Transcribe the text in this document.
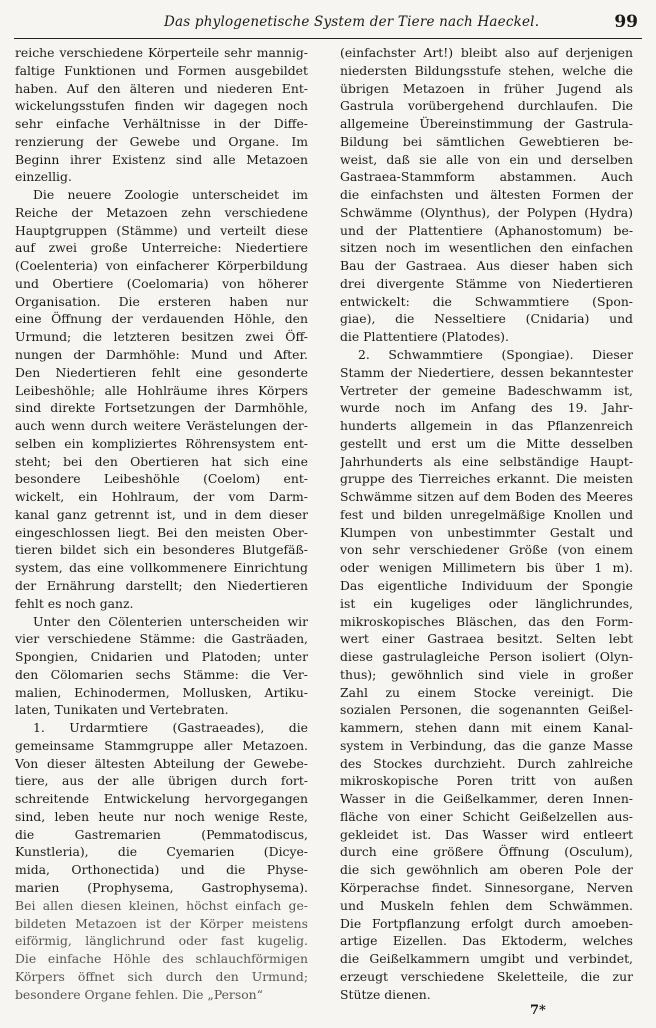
Das phylogenetische System der Tiere nach Haeckel.	99
reiche verschiedene Körperteile sehr mannig-
faltige Funktionen und Formen ausgebildet
haben. Auf den älteren und niederen Ent-
wickelungsstufen finden wir dagegen noch
sehr einfache Verhältnisse in der Diffe-
renzierung der Gewebe und Organe. Im
Beginn ihrer Existenz sind alle Metazoen
einzellig.
Die neuere Zoologie unterscheidet im
Reiche der Metazoen zehn verschiedene
Hauptgruppen (Stämme) und verteilt diese
auf zwei große Unterreiche: Niedertiere
(Coelenteria) von einfacherer Körperbildung
und Obertiere (Coelomaria) von höherer
Organisation. Die ersteren haben nur
eine Öffnung der verdauenden Höhle, den
Urmund; die letzteren besitzen zwei Öff-
nungen der Darmhöhle: Mund und After.
Den Niedertieren fehlt eine gesonderte
Leibeshöhle; alle Hohlräume ihres Körpers
sind direkte Fortsetzungen der Darmhöhle,
auch wenn durch weitere Verästelungen der-
selben ein kompliziertes Röhrensystem ent-
steht; bei den Obertieren hat sich eine
besondere Leibeshöhle (Coelom) ent-
wickelt, ein Hohlraum, der vom Darm-
kanal ganz getrennt ist, und in dem dieser
eingeschlossen liegt. Bei den meisten Ober-
tieren bildet sich ein besonderes Blutgefäß-
system, das eine vollkommenere Einrichtung
der Ernährung darstellt; den Niedertieren
fehlt es noch ganz.
Unter den Cölenterien unterscheiden wir
vier verschiedene Stämme: die Gasträaden,
Spongien, Cnidarien und Platoden; unter
den Cölomarien sechs Stämme: die Ver-
malien, Echinodermen, Mollusken, Artiku-
laten, Tunikaten und Vertebraten.
1. Urdarmtiere (Gastraeades), die
gemeinsame Stammgruppe aller Metazoen.
Von dieser ältesten Abteilung der Gewebe-
tiere, aus der alle übrigen durch fort-
schreitende Entwickelung hervorgegangen
sind, leben heute nur noch wenige Reste,
die Gastremarien (Pemmatodiscus,
Kunstleria), die Cyemarien (Dicye-
mida, Orthonectida) und die Physe-
marien (Prophysema, Gastrophysema).
Bei allen diesen kleinen, höchst einfach ge-
bildeten Metazoen ist der Körper meistens
eiförmig, länglichrund oder fast kugelig.
Die einfache Höhle des schlauchförmigen
Körpers öffnet sich durch den Urmund;
besondere Organe fehlen. Die „Person“
(einfachster Art!) bleibt also auf derjenigen
niedersten Bildungsstufe stehen, welche die
übrigen Metazoen in früher Jugend als
Gastrula vorübergehend durchlaufen. Die
allgemeine Übereinstimmung der Gastrula-
Bildung bei sämtlichen Gewebtieren be-
weist, daß sie alle von ein und derselben
Gastraea-Stammform abstammen. Auch
die einfachsten und ältesten Formen der
Schwämme (Olynthus), der Polypen (Hydra)
und der Plattentiere (Aphanostomum) be-
sitzen noch im wesentlichen den einfachen
Bau der Gastraea. Aus dieser haben sich
drei divergente Stämme von Niedertieren
entwickelt: die Schwammtiere (Spon-
giae), die Nesseltiere (Cnidaria) und
die Plattentiere (Platodes).
2. Schwammtiere (Spongiae). Dieser
Stamm der Niedertiere, dessen bekanntester
Vertreter der gemeine Badeschwamm ist,
wurde noch im Anfang des 19. Jahr-
hunderts allgemein in das Pflanzenreich
gestellt und erst um die Mitte desselben
Jahrhunderts als eine selbständige Haupt-
gruppe des Tierreiches erkannt. Die meisten
Schwämme sitzen auf dem Boden des Meeres
fest und bilden unregelmäßige Knollen und
Klumpen von unbestimmter Gestalt und
von sehr verschiedener Größe (von einem
oder wenigen Millimetern bis über 1 m).
Das eigentliche Individuum der Spongie
ist ein kugeliges oder länglichrundes,
mikroskopisches Bläschen, das den Form-
wert einer Gastraea besitzt. Selten lebt
diese gastrulagleiche Person isoliert (Olyn-
thus); gewöhnlich sind viele in großer
Zahl zu einem Stocke vereinigt. Die
sozialen Personen, die sogenannten Geißel-
kammern, stehen dann mit einem Kanal-
system in Verbindung, das die ganze Masse
des Stockes durchzieht. Durch zahlreiche
mikroskopische Poren tritt von außen
Wasser in die Geißelkammer, deren Innen-
fläche von einer Schicht Geißelzellen aus-
gekleidet ist. Das Wasser wird entleert
durch eine größere Öffnung (Osculum),
die sich gewöhnlich am oberen Pole der
Körperachse findet. Sinnesorgane, Nerven
und Muskeln fehlen dem Schwämmen.
Die Fortpflanzung erfolgt durch amoeben-
artige Eizellen. Das Ektoderm, welches
die Geißelkammern umgibt und verbindet,
erzeugt verschiedene Skeletteile, die zur
Stütze dienen.
7*
